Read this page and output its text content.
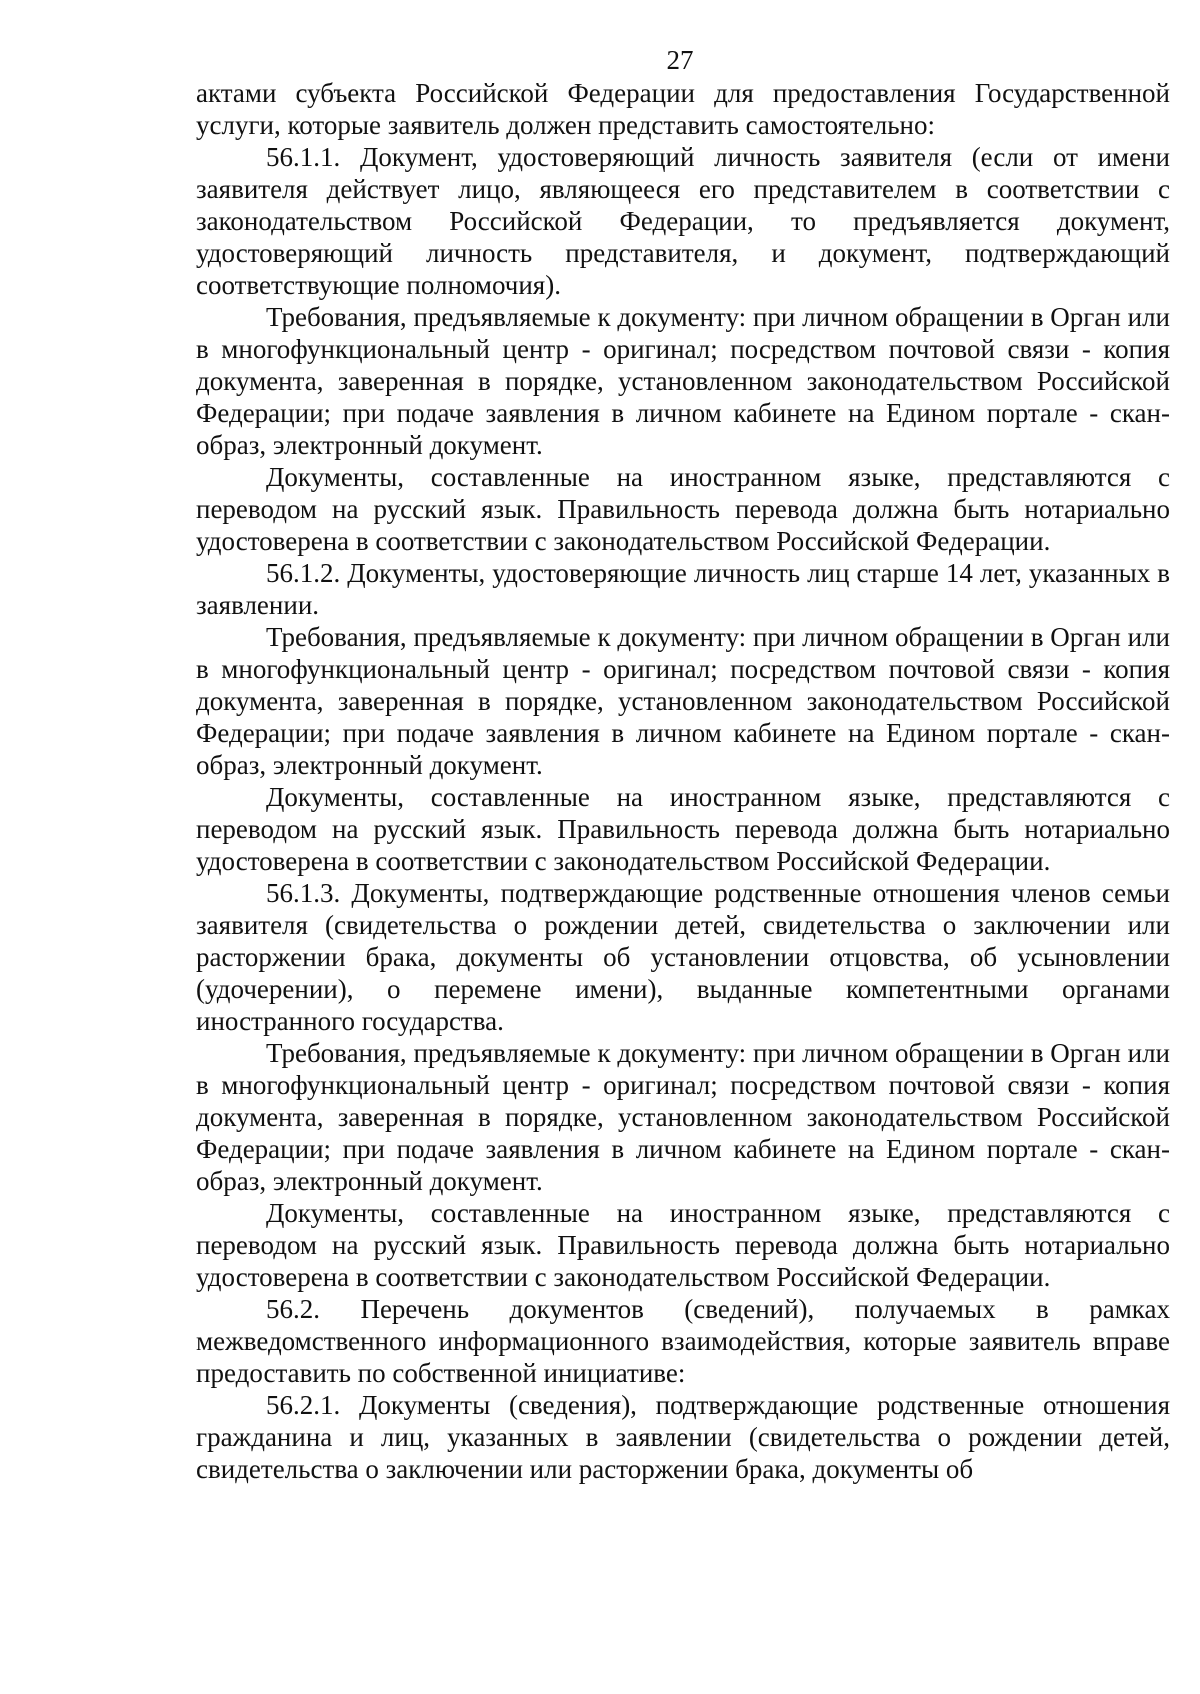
27

актами субъекта Российской Федерации для предоставления Государственной услуги, которые заявитель должен представить самостоятельно:

56.1.1. Документ, удостоверяющий личность заявителя (если от имени заявителя действует лицо, являющееся его представителем в соответствии с законодательством Российской Федерации, то предъявляется документ, удостоверяющий личность представителя, и документ, подтверждающий соответствующие полномочия).

Требования, предъявляемые к документу: при личном обращении в Орган или в многофункциональный центр - оригинал; посредством почтовой связи - копия документа, заверенная в порядке, установленном законодательством Российской Федерации; при подаче заявления в личном кабинете на Едином портале - скан-образ, электронный документ.

Документы, составленные на иностранном языке, представляются с переводом на русский язык. Правильность перевода должна быть нотариально удостоверена в соответствии с законодательством Российской Федерации.

56.1.2. Документы, удостоверяющие личность лиц старше 14 лет, указанных в заявлении.

Требования, предъявляемые к документу: при личном обращении в Орган или в многофункциональный центр - оригинал; посредством почтовой связи - копия документа, заверенная в порядке, установленном законодательством Российской Федерации; при подаче заявления в личном кабинете на Едином портале - скан-образ, электронный документ.

Документы, составленные на иностранном языке, представляются с переводом на русский язык. Правильность перевода должна быть нотариально удостоверена в соответствии с законодательством Российской Федерации.

56.1.3. Документы, подтверждающие родственные отношения членов семьи заявителя (свидетельства о рождении детей, свидетельства о заключении или расторжении брака, документы об установлении отцовства, об усыновлении (удочерении), о перемене имени), выданные компетентными органами иностранного государства.

Требования, предъявляемые к документу: при личном обращении в Орган или в многофункциональный центр - оригинал; посредством почтовой связи - копия документа, заверенная в порядке, установленном законодательством Российской Федерации; при подаче заявления в личном кабинете на Едином портале - скан-образ, электронный документ.

Документы, составленные на иностранном языке, представляются с переводом на русский язык. Правильность перевода должна быть нотариально удостоверена в соответствии с законодательством Российской Федерации.

56.2. Перечень документов (сведений), получаемых в рамках межведомственного информационного взаимодействия, которые заявитель вправе предоставить по собственной инициативе:

56.2.1. Документы (сведения), подтверждающие родственные отношения гражданина и лиц, указанных в заявлении (свидетельства о рождении детей, свидетельства о заключении или расторжении брака, документы об
